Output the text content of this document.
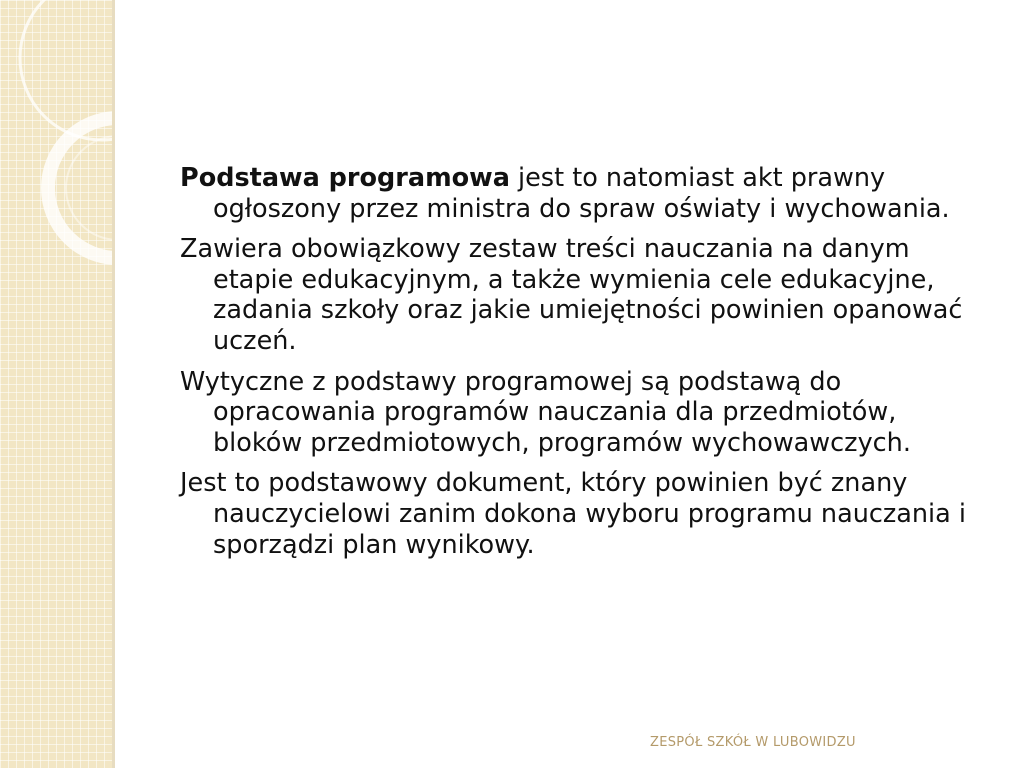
Podstawa programowa jest to natomiast akt prawny ogłoszony przez ministra do spraw oświaty i wychowania.

Zawiera obowiązkowy zestaw treści nauczania na danym etapie edukacyjnym, a także wymienia cele edukacyjne, zadania szkoły oraz jakie umiejętności powinien opanować uczeń.

Wytyczne z podstawy programowej są podstawą do opracowania programów nauczania dla przedmiotów, bloków przedmiotowych, programów wychowawczych.

Jest to podstawowy dokument, który powinien być znany nauczycielowi zanim dokona wyboru programu nauczania i sporządzi plan wynikowy.

ZESPÓŁ SZKÓŁ W LUBOWIDZU
